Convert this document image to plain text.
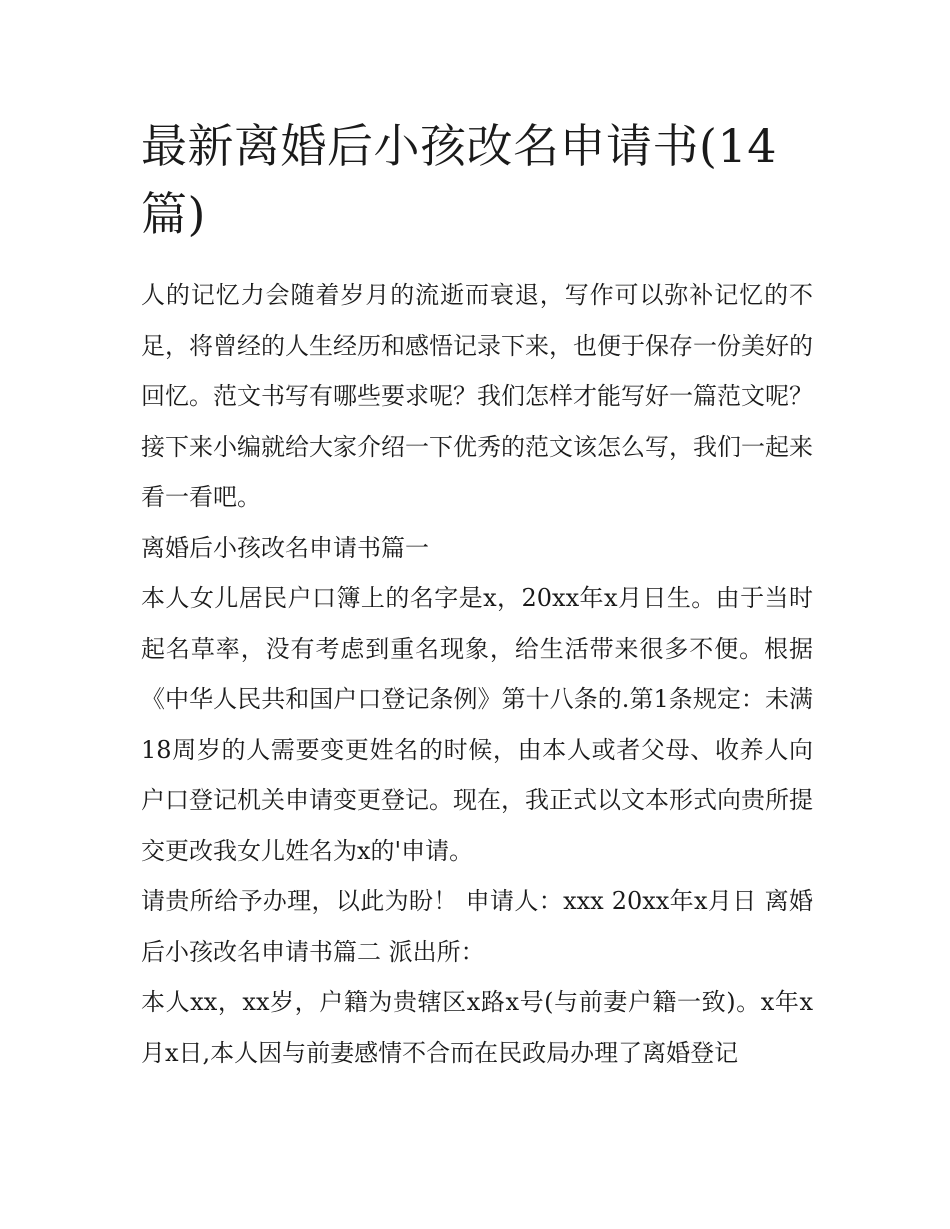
最新离婚后小孩改名申请书(14篇)

人的记忆力会随着岁月的流逝而衰退，写作可以弥补记忆的不足，将曾经的人生经历和感悟记录下来，也便于保存一份美好的回忆。范文书写有哪些要求呢？我们怎样才能写好一篇范文呢？接下来小编就给大家介绍一下优秀的范文该怎么写，我们一起来看一看吧。

离婚后小孩改名申请书篇一

本人女儿居民户口簿上的名字是x，20xx年x月日生。由于当时起名草率，没有考虑到重名现象，给生活带来很多不便。根据《中华人民共和国户口登记条例》第十八条的.第1条规定：未满18周岁的人需要变更姓名的时候，由本人或者父母、收养人向户口登记机关申请变更登记。现在，我正式以文本形式向贵所提交更改我女儿姓名为x的'申请。

请贵所给予办理，以此为盼！ 申请人：xxx 20xx年x月日 离婚后小孩改名申请书篇二 派出所：

本人xx，xx岁，户籍为贵辖区x路x号(与前妻户籍一致)。x年x月x日,本人因与前妻感情不合而在民政局办理了离婚登记
